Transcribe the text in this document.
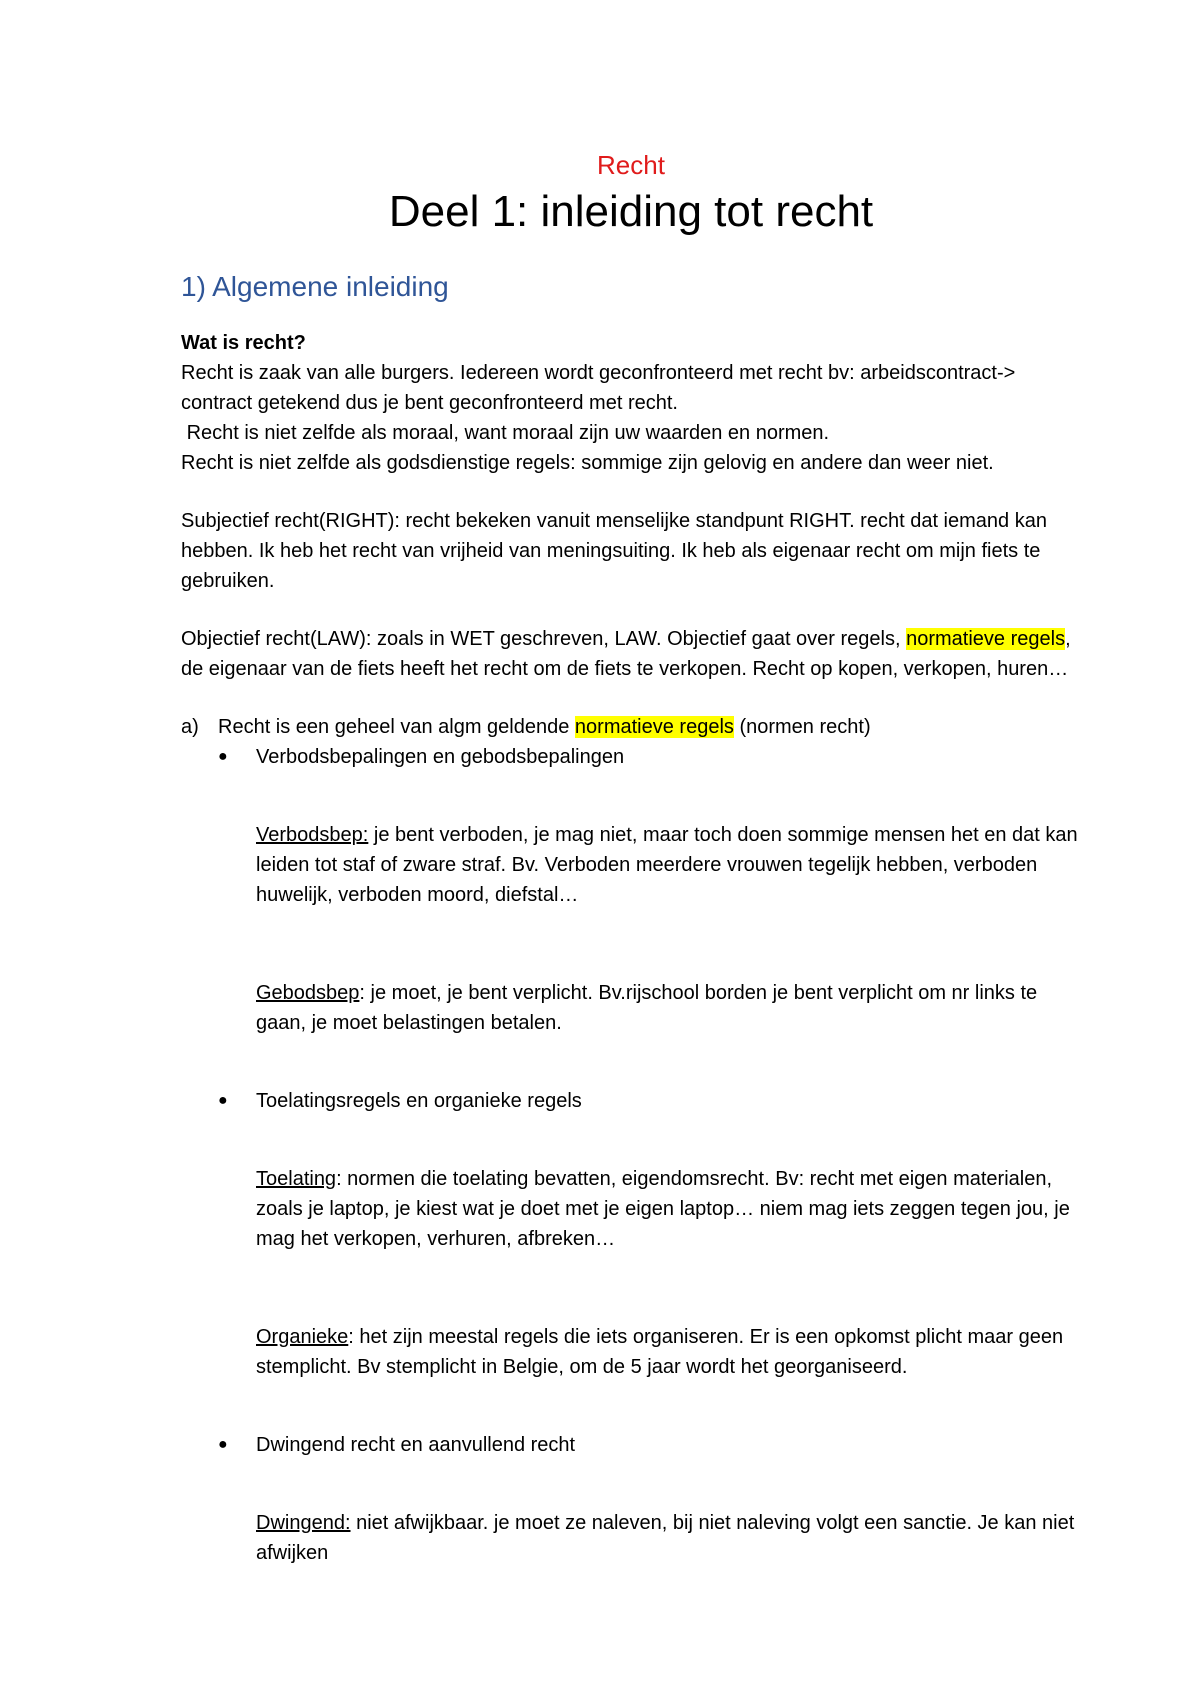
Recht

Deel 1: inleiding tot recht
1) Algemene inleiding

Wat is recht?

Recht is zaak van alle burgers. Iedereen wordt geconfronteerd met recht bv: arbeidscontract-> contract getekend dus je bent geconfronteerd met recht.

Recht is niet zelfde als moraal, want moraal zijn uw waarden en normen.

Recht is niet zelfde als godsdienstige regels: sommige zijn gelovig en andere dan weer niet.

Subjectief recht(RIGHT): recht bekeken vanuit menselijke standpunt RIGHT. recht dat iemand kan hebben. Ik heb het recht van vrijheid van meningsuiting. Ik heb als eigenaar recht om mijn fiets te gebruiken.

Objectief recht(LAW): zoals in WET geschreven, LAW. Objectief gaat over regels, normatieve regels, de eigenaar van de fiets heeft het recht om de fiets te verkopen. Recht op kopen, verkopen, huren…

a) Recht is een geheel van algm geldende normatieve regels (normen recht)
●	Verbodsbepalingen en gebodsbepalingen

Verbodsbep: je bent verboden, je mag niet, maar toch doen sommige mensen het en dat kan leiden tot staf of zware straf. Bv. Verboden meerdere vrouwen tegelijk hebben, verboden huwelijk, verboden moord, diefstal…

Gebodsbep: je moet, je bent verplicht. Bv.rijschool borden je bent verplicht om nr links te gaan, je moet belastingen betalen.

●	Toelatingsregels en organieke regels

Toelating: normen die toelating bevatten, eigendomsrecht. Bv: recht met eigen materialen, zoals je laptop, je kiest wat je doet met je eigen laptop… niem mag iets zeggen tegen jou, je mag het verkopen, verhuren, afbreken…

Organieke: het zijn meestal regels die iets organiseren. Er is een opkomst plicht maar geen stemplicht. Bv stemplicht in Belgie, om de 5 jaar wordt het georganiseerd.

●	Dwingend recht en aanvullend recht

Dwingend: niet afwijkbaar. je moet ze naleven, bij niet naleving volgt een sanctie. Je kan niet afwijken
